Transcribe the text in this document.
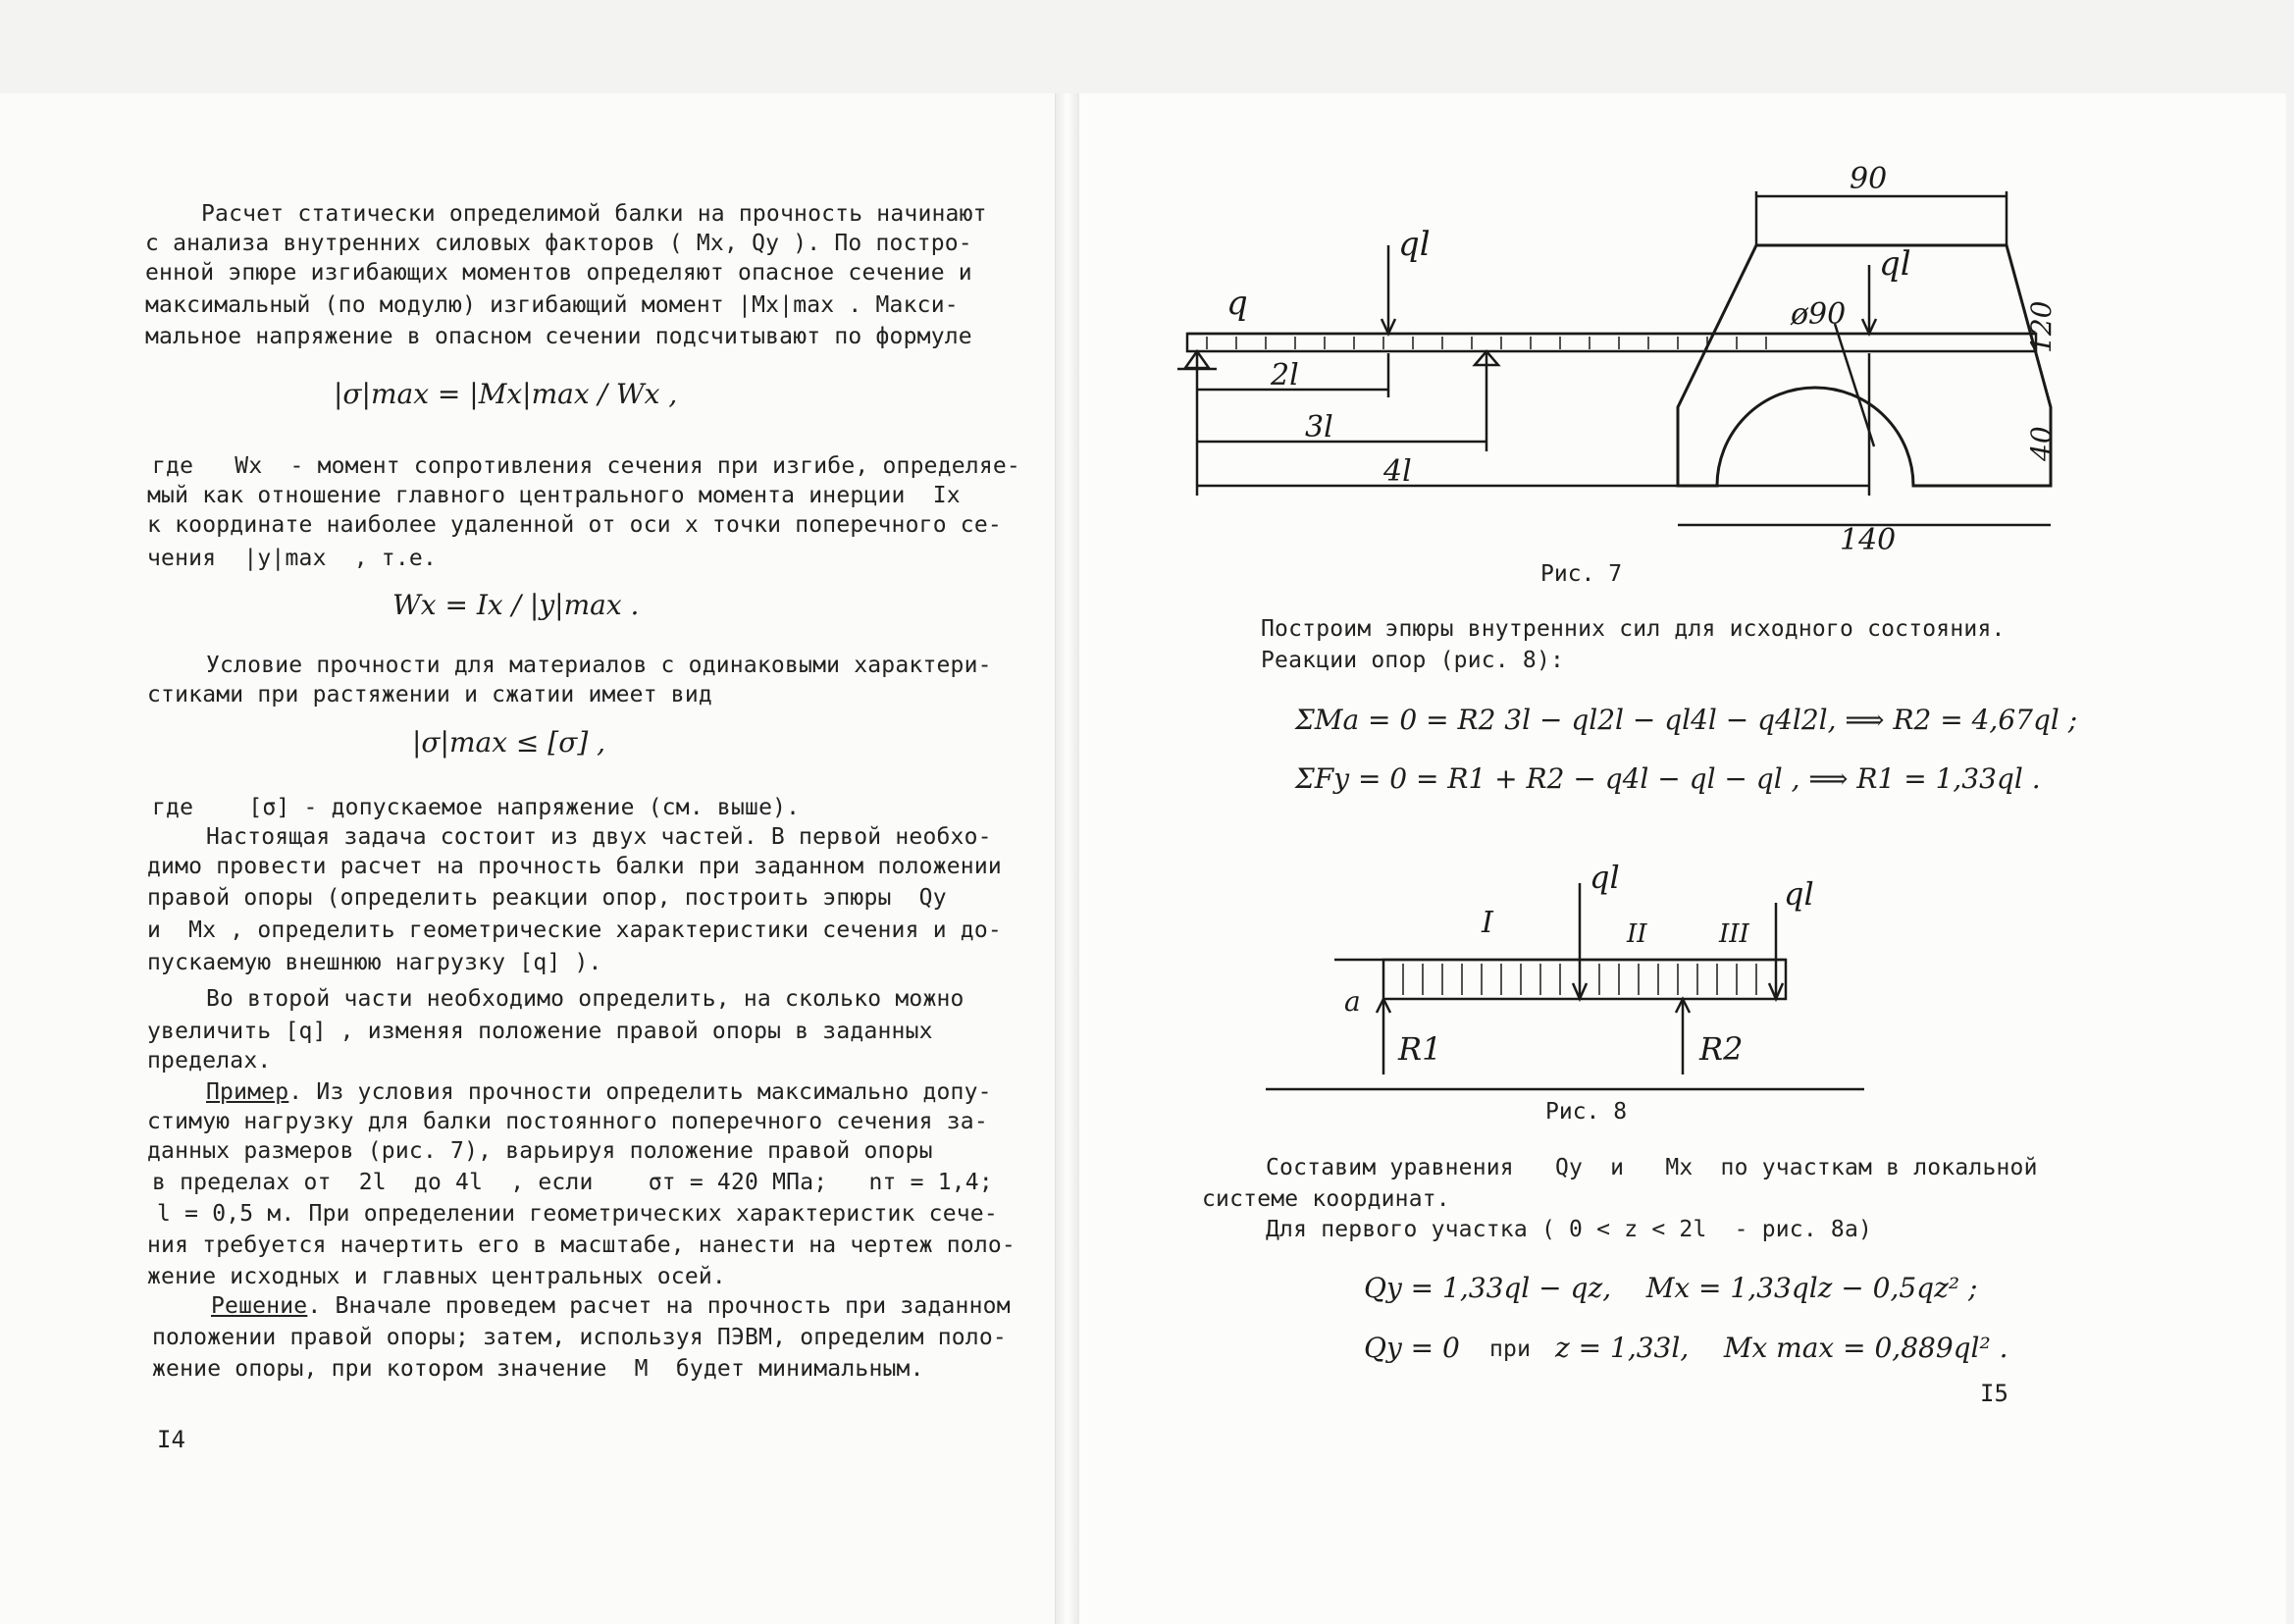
Расчет статически определимой балки на прочность начинают
с анализа внутренних силовых факторов ( Mx, Qy ). По постро-
енной эпюре изгибающих моментов определяют опасное сечение и
максимальный (по модулю) изгибающий момент |Mx|max . Макси-
мальное напряжение в опасном сечении подсчитывают по формуле
|σ|max = |Mx|max / Wx ,
где   Wx  - момент сопротивления сечения при изгибе, определяе-
мый как отношение главного центрального момента инерции  Ix
к координате наиболее удаленной от оси x точки поперечного се-
чения  |y|max  , т.е.
Wx = Ix / |y|max .
Условие прочности для материалов с одинаковыми характери-
стиками при растяжении и сжатии имеет вид
|σ|max ≤ [σ] ,
где    [σ] - допускаемое напряжение (см. выше).
Настоящая задача состоит из двух частей. В первой необхо-
димо провести расчет на прочность балки при заданном положении
правой опоры (определить реакции опор, построить эпюры  Qy
и  Mx , определить геометрические характеристики сечения и до-
пускаемую внешнюю нагрузку [q] ).
Во второй части необходимо определить, на сколько можно
увеличить [q] , изменяя положение правой опоры в заданных
пределах.
Пример. Из условия прочности определить максимально допу-
стимую нагрузку для балки постоянного поперечного сечения за-
данных размеров (рис. 7), варьируя положение правой опоры
в пределах от  2l  до 4l  , если    σт = 420 МПа;   nт = 1,4;
l = 0,5 м. При определении геометрических характеристик сече-
ния требуется начертить его в масштабе, нанести на чертеж поло-
жение исходных и главных центральных осей.
Решение. Вначале проведем расчет на прочность при заданном
положении правой опоры; затем, используя ПЭВМ, определим поло-
жение опоры, при котором значение  M  будет минимальным.
I4
q
ql	ql
2l
3l
4l
90
ø90	120
40
140
Рис. 7
Построим эпюры внутренних сил для исходного состояния.
Реакции опор (рис. 8):
ΣMa = 0 = R2 3l − ql2l − ql4l − q4l2l, ⟹ R2 = 4,67ql ;
ΣFy = 0 = R1 + R2 − q4l − ql − ql , ⟹ R1 = 1,33ql .
I	II	III
ql	ql
a
R1	R2
Рис. 8
Составим уравнения   Qy  и   Mx  по участкам в локальной
системе координат.
Для первого участка ( 0 < z < 2l  - рис. 8а)
Qy = 1,33ql − qz,    Mx = 1,33qlz − 0,5qz² ;
Qy = 0 при z = 1,33l,    Mx max = 0,889ql² .
I5
